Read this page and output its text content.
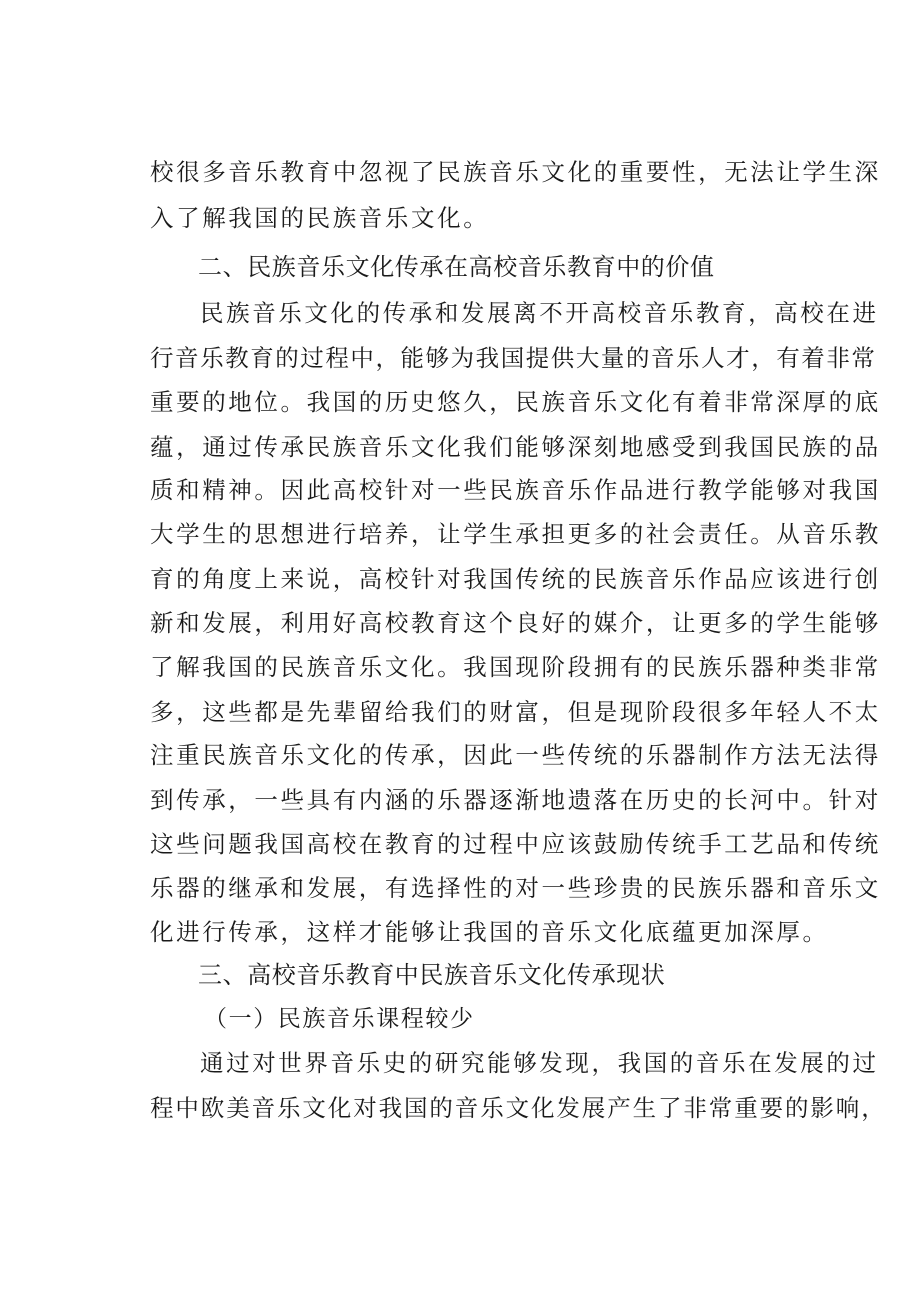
校很多音乐教育中忽视了民族音乐文化的重要性，无法让学生深

入了解我国的民族音乐文化。

二、民族音乐文化传承在高校音乐教育中的价值

民族音乐文化的传承和发展离不开高校音乐教育，高校在进

行音乐教育的过程中，能够为我国提供大量的音乐人才，有着非常

重要的地位。我国的历史悠久，民族音乐文化有着非常深厚的底

蕴，通过传承民族音乐文化我们能够深刻地感受到我国民族的品

质和精神。因此高校针对一些民族音乐作品进行教学能够对我国

大学生的思想进行培养，让学生承担更多的社会责任。从音乐教

育的角度上来说，高校针对我国传统的民族音乐作品应该进行创

新和发展，利用好高校教育这个良好的媒介，让更多的学生能够

了解我国的民族音乐文化。我国现阶段拥有的民族乐器种类非常

多，这些都是先辈留给我们的财富，但是现阶段很多年轻人不太

注重民族音乐文化的传承，因此一些传统的乐器制作方法无法得

到传承，一些具有内涵的乐器逐渐地遗落在历史的长河中。针对

这些问题我国高校在教育的过程中应该鼓励传统手工艺品和传统

乐器的继承和发展，有选择性的对一些珍贵的民族乐器和音乐文

化进行传承，这样才能够让我国的音乐文化底蕴更加深厚。

三、高校音乐教育中民族音乐文化传承现状

（一）民族音乐课程较少

通过对世界音乐史的研究能够发现，我国的音乐在发展的过

程中欧美音乐文化对我国的音乐文化发展产生了非常重要的影响，
